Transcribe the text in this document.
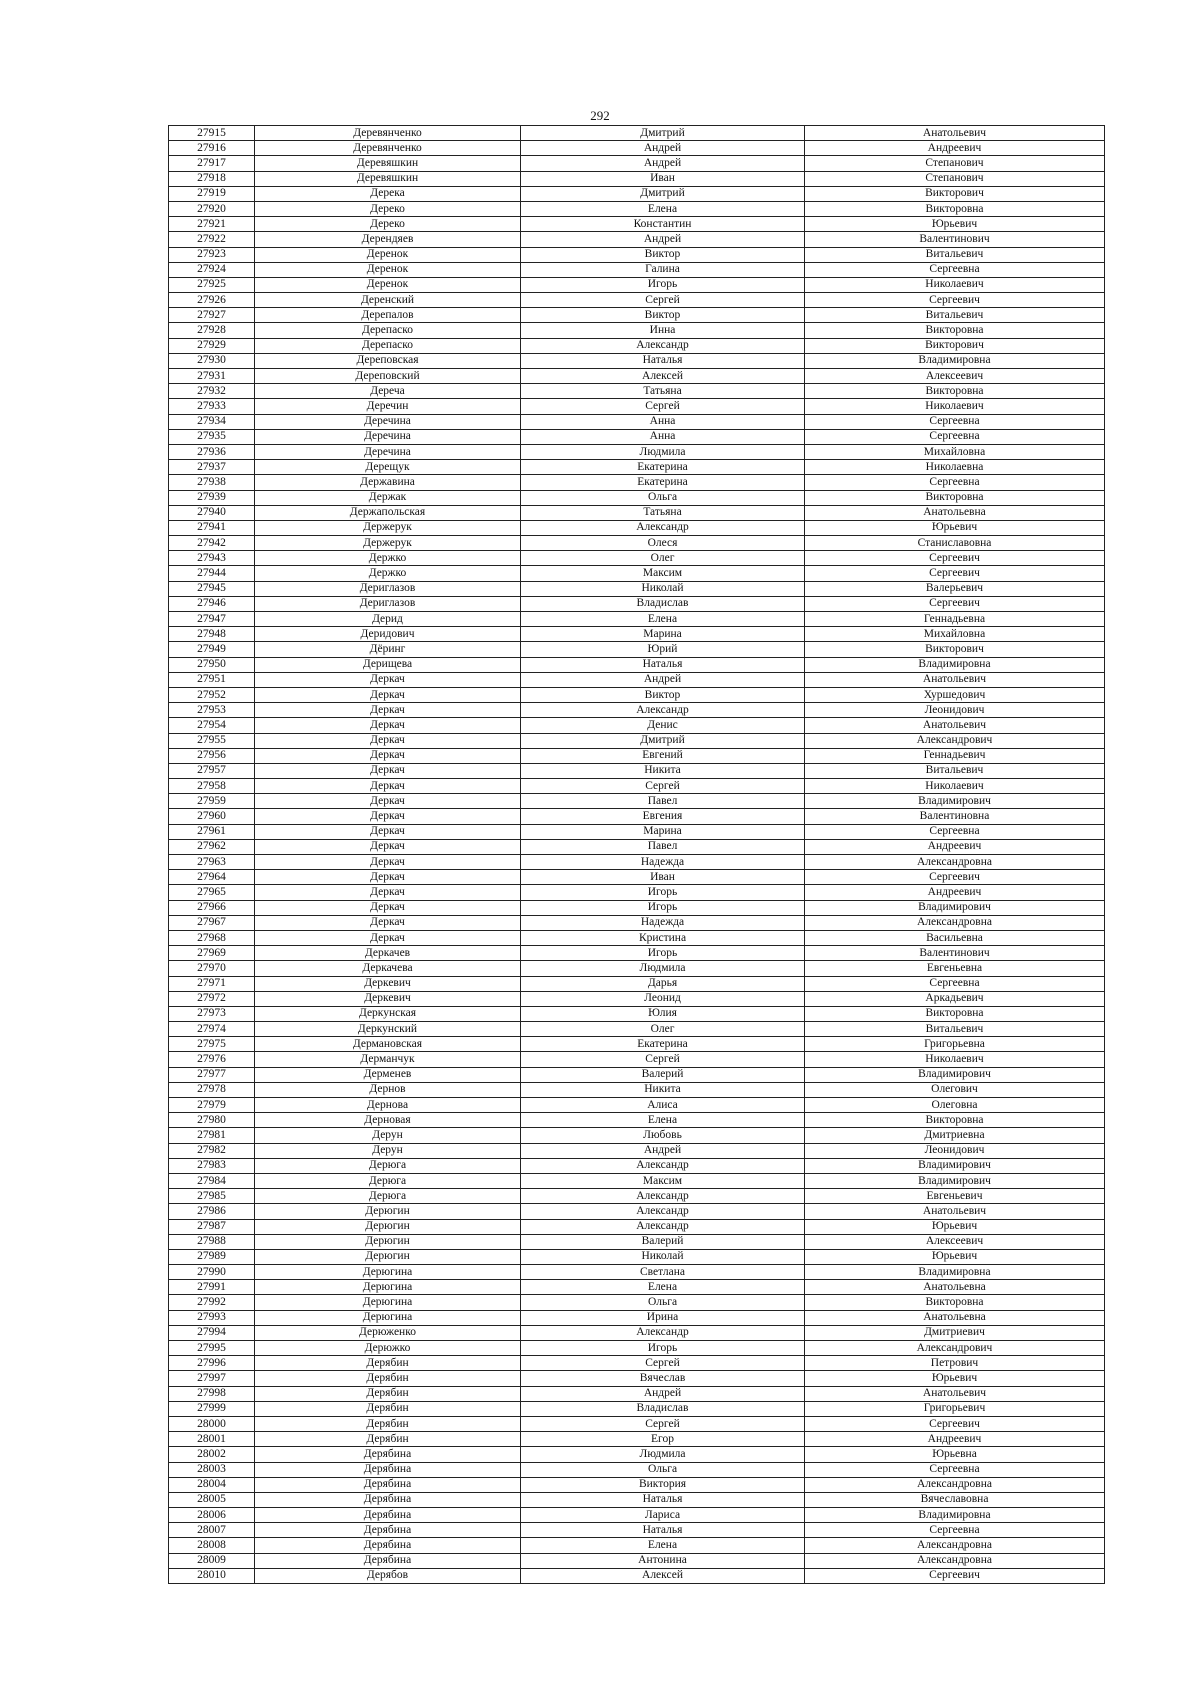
292
27915	Деревянченко	Дмитрий	Анатольевич
27916	Деревянченко	Андрей	Андреевич
27917	Деревяшкин	Андрей	Степанович
27918	Деревяшкин	Иван	Степанович
27919	Дерека	Дмитрий	Викторович
27920	Дереко	Елена	Викторовна
27921	Дереко	Константин	Юрьевич
27922	Дерендяев	Андрей	Валентинович
27923	Деренок	Виктор	Витальевич
27924	Деренок	Галина	Сергеевна
27925	Деренок	Игорь	Николаевич
27926	Деренский	Сергей	Сергеевич
27927	Дерепалов	Виктор	Витальевич
27928	Дерепаско	Инна	Викторовна
27929	Дерепаско	Александр	Викторович
27930	Дереповская	Наталья	Владимировна
27931	Дереповский	Алексей	Алексеевич
27932	Дереча	Татьяна	Викторовна
27933	Деречин	Сергей	Николаевич
27934	Деречина	Анна	Сергеевна
27935	Деречина	Анна	Сергеевна
27936	Деречина	Людмила	Михайловна
27937	Дерещук	Екатерина	Николаевна
27938	Державина	Екатерина	Сергеевна
27939	Держак	Ольга	Викторовна
27940	Держапольская	Татьяна	Анатольевна
27941	Держерук	Александр	Юрьевич
27942	Держерук	Олеся	Станиславовна
27943	Держко	Олег	Сергеевич
27944	Держко	Максим	Сергеевич
27945	Дериглазов	Николай	Валерьевич
27946	Дериглазов	Владислав	Сергеевич
27947	Дерид	Елена	Геннадьевна
27948	Деридович	Марина	Михайловна
27949	Дёринг	Юрий	Викторович
27950	Дерищева	Наталья	Владимировна
27951	Деркач	Андрей	Анатольевич
27952	Деркач	Виктор	Хуршедович
27953	Деркач	Александр	Леонидович
27954	Деркач	Денис	Анатольевич
27955	Деркач	Дмитрий	Александрович
27956	Деркач	Евгений	Геннадьевич
27957	Деркач	Никита	Витальевич
27958	Деркач	Сергей	Николаевич
27959	Деркач	Павел	Владимирович
27960	Деркач	Евгения	Валентиновна
27961	Деркач	Марина	Сергеевна
27962	Деркач	Павел	Андреевич
27963	Деркач	Надежда	Александровна
27964	Деркач	Иван	Сергеевич
27965	Деркач	Игорь	Андреевич
27966	Деркач	Игорь	Владимирович
27967	Деркач	Надежда	Александровна
27968	Деркач	Кристина	Васильевна
27969	Деркачев	Игорь	Валентинович
27970	Деркачева	Людмила	Евгеньевна
27971	Деркевич	Дарья	Сергеевна
27972	Деркевич	Леонид	Аркадьевич
27973	Деркунская	Юлия	Викторовна
27974	Деркунский	Олег	Витальевич
27975	Дермановская	Екатерина	Григорьевна
27976	Дерманчук	Сергей	Николаевич
27977	Дерменев	Валерий	Владимирович
27978	Дернов	Никита	Олегович
27979	Дернова	Алиса	Олеговна
27980	Дерновая	Елена	Викторовна
27981	Дерун	Любовь	Дмитриевна
27982	Дерун	Андрей	Леонидович
27983	Дерюга	Александр	Владимирович
27984	Дерюга	Максим	Владимирович
27985	Дерюга	Александр	Евгеньевич
27986	Дерюгин	Александр	Анатольевич
27987	Дерюгин	Александр	Юрьевич
27988	Дерюгин	Валерий	Алексеевич
27989	Дерюгин	Николай	Юрьевич
27990	Дерюгина	Светлана	Владимировна
27991	Дерюгина	Елена	Анатольевна
27992	Дерюгина	Ольга	Викторовна
27993	Дерюгина	Ирина	Анатольевна
27994	Дерюженко	Александр	Дмитриевич
27995	Дерюжко	Игорь	Александрович
27996	Дерябин	Сергей	Петрович
27997	Дерябин	Вячеслав	Юрьевич
27998	Дерябин	Андрей	Анатольевич
27999	Дерябин	Владислав	Григорьевич
28000	Дерябин	Сергей	Сергеевич
28001	Дерябин	Егор	Андреевич
28002	Дерябина	Людмила	Юрьевна
28003	Дерябина	Ольга	Сергеевна
28004	Дерябина	Виктория	Александровна
28005	Дерябина	Наталья	Вячеславовна
28006	Дерябина	Лариса	Владимировна
28007	Дерябина	Наталья	Сергеевна
28008	Дерябина	Елена	Александровна
28009	Дерябина	Антонина	Александровна
28010	Дерябов	Алексей	Сергеевич
